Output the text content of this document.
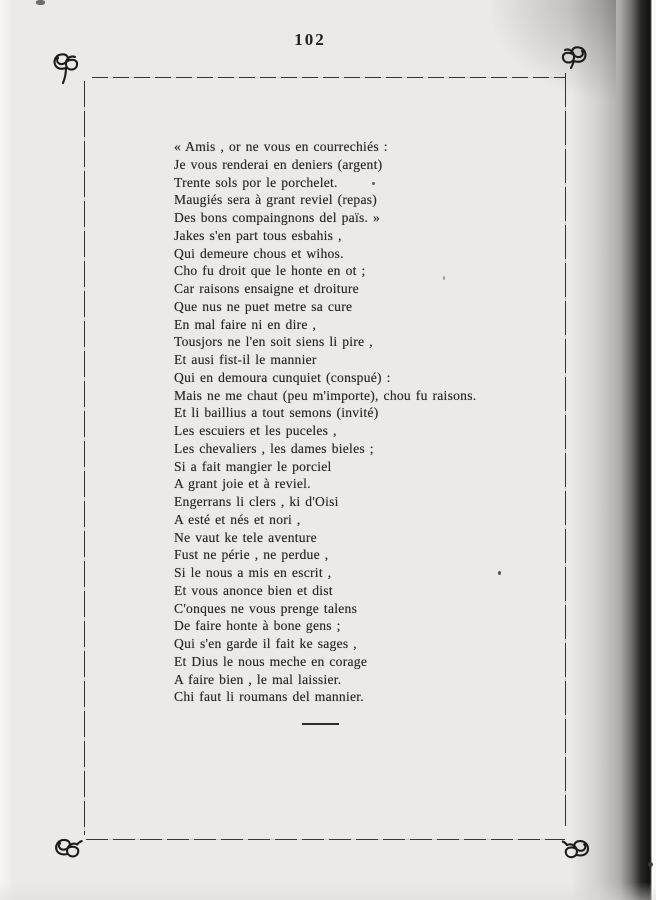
102
« Amis , or ne vous en courrechiés :
Je vous renderai en deniers (argent)
Trente sols por le porchelet.
Maugiés sera à grant reviel (repas)
Des bons compaingnons del païs. »
Jakes s'en part tous esbahis ,
Qui demeure chous et wihos.
Cho fu droit que le honte en ot ;
Car raisons ensaigne et droiture
Que nus ne puet metre sa cure
En mal faire ni en dire ,
Tousjors ne l'en soit siens li pire ,
Et ausi fist-il le mannier
Qui en demoura cunquiet (conspué) :
Mais ne me chaut (peu m'importe), chou fu raisons.
Et li baillius a tout semons (invité)
Les escuiers et les puceles ,
Les chevaliers , les dames bieles ;
Si a fait mangier le porciel
A grant joie et à reviel.
Engerrans li clers , ki d'Oisi
A esté et nés et nori ,
Ne vaut ke tele aventure
Fust ne périe , ne perdue ,
Si le nous a mis en escrit ,
Et vous anonce bien et dist
C'onques ne vous prenge talens
De faire honte à bone gens ;
Qui s'en garde il fait ke sages ,
Et Dius le nous meche en corage
A faire bien , le mal laissier.
Chi faut li roumans del mannier.
